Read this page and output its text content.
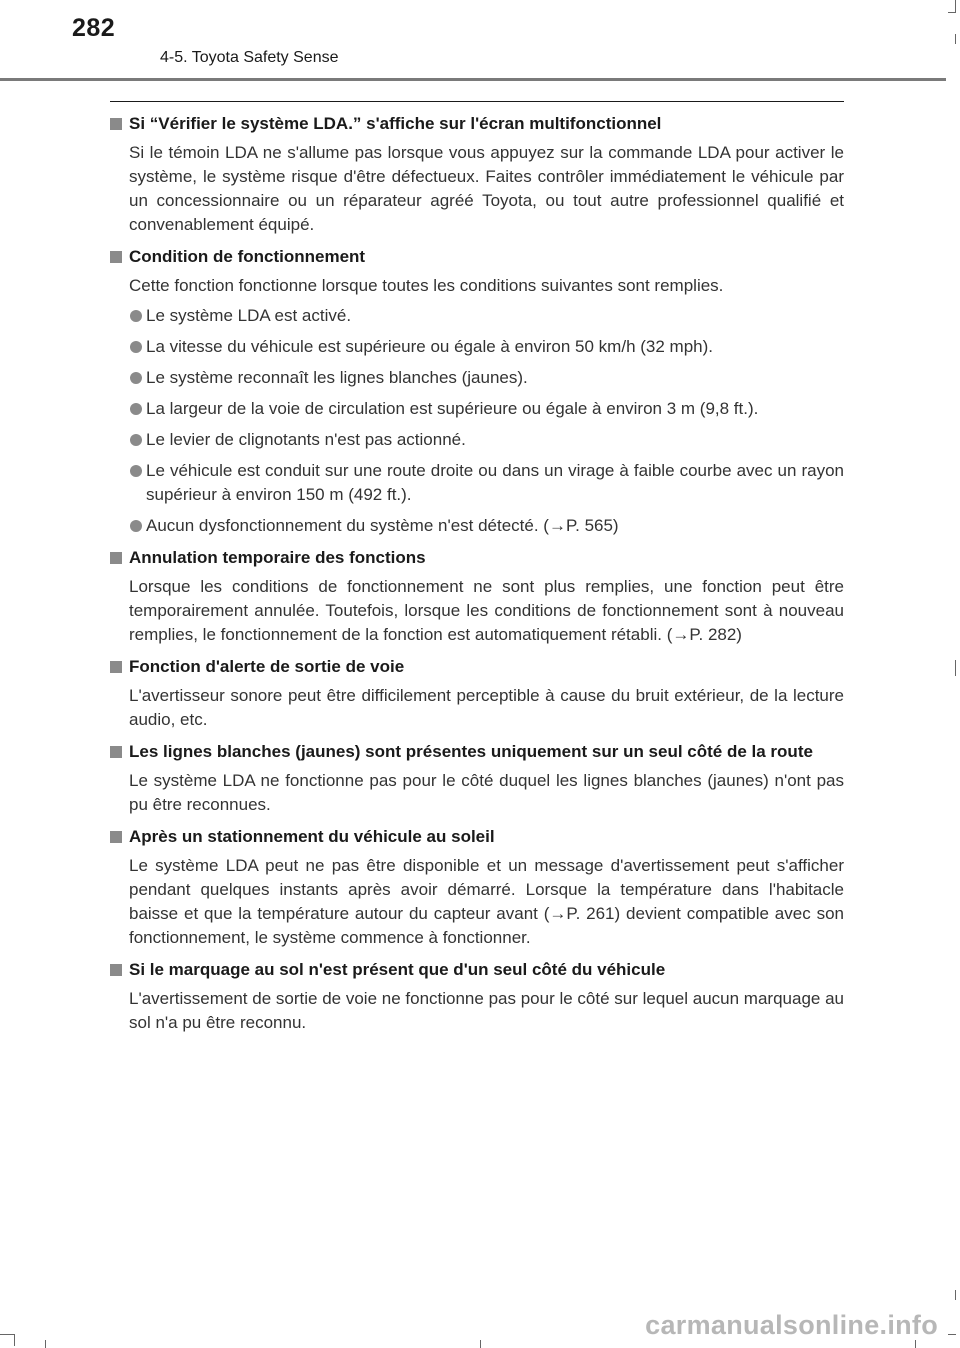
282
4-5. Toyota Safety Sense
Si “Vérifier le système LDA.” s'affiche sur l'écran multifonctionnel
Si le témoin LDA ne s'allume pas lorsque vous appuyez sur la commande LDA pour activer le système, le système risque d'être défectueux. Faites contrôler immédiatement le véhicule par un concessionnaire ou un réparateur agréé Toyota, ou tout autre professionnel qualifié et convenablement équipé.
Condition de fonctionnement
Cette fonction fonctionne lorsque toutes les conditions suivantes sont remplies.
Le système LDA est activé.
La vitesse du véhicule est supérieure ou égale à environ 50 km/h (32 mph).
Le système reconnaît les lignes blanches (jaunes).
La largeur de la voie de circulation est supérieure ou égale à environ 3 m (9,8 ft.).
Le levier de clignotants n'est pas actionné.
Le véhicule est conduit sur une route droite ou dans un virage à faible courbe avec un rayon supérieur à environ 150 m (492 ft.).
Aucun dysfonctionnement du système n'est détecté. (→P. 565)
Annulation temporaire des fonctions
Lorsque les conditions de fonctionnement ne sont plus remplies, une fonction peut être temporairement annulée. Toutefois, lorsque les conditions de fonctionnement sont à nouveau remplies, le fonctionnement de la fonction est automatiquement rétabli. (→P. 282)
Fonction d'alerte de sortie de voie
L'avertisseur sonore peut être difficilement perceptible à cause du bruit extérieur, de la lecture audio, etc.
Les lignes blanches (jaunes) sont présentes uniquement sur un seul côté de la route
Le système LDA ne fonctionne pas pour le côté duquel les lignes blanches (jaunes) n'ont pas pu être reconnues.
Après un stationnement du véhicule au soleil
Le système LDA peut ne pas être disponible et un message d'avertissement peut s'afficher pendant quelques instants après avoir démarré. Lorsque la température dans l'habitacle baisse et que la température autour du capteur avant (→P. 261) devient compatible avec son fonctionnement, le système commence à fonctionner.
Si le marquage au sol n'est présent que d'un seul côté du véhicule
L'avertissement de sortie de voie ne fonctionne pas pour le côté sur lequel aucun marquage au sol n'a pu être reconnu.
carmanualsonline.info
